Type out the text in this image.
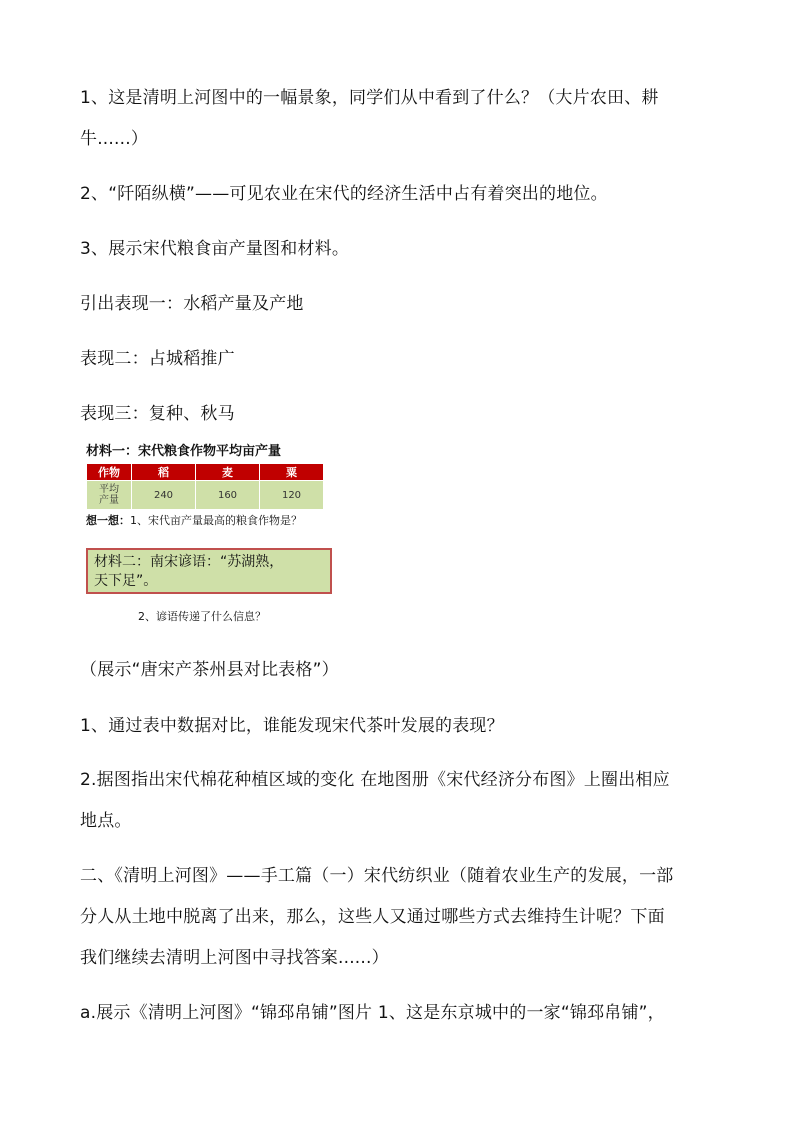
1、这是清明上河图中的一幅景象，同学们从中看到了什么？（大片农田、耕
牛......）
2、“阡陌纵横”——可见农业在宋代的经济生活中占有着突出的地位。
3、展示宋代粮食亩产量图和材料。
引出表现一：水稻产量及产地
表现二：占城稻推广
表现三：复种、秋马
材料一：宋代粮食作物平均亩产量
作物	稻	麦	粟
平均
产量	240	160	120
想一想：1、宋代亩产量最高的粮食作物是？
材料二：南宋谚语：“苏湖熟，
天下足”。
2、谚语传递了什么信息？
（展示“唐宋产茶州县对比表格”）
1、通过表中数据对比，谁能发现宋代茶叶发展的表现？
2.据图指出宋代棉花种植区域的变化 在地图册《宋代经济分布图》上圈出相应
地点。
二、《清明上河图》——手工篇（一）宋代纺织业（随着农业生产的发展，一部
分人从土地中脱离了出来，那么，这些人又通过哪些方式去维持生计呢？下面
我们继续去清明上河图中寻找答案......）
a.展示《清明上河图》“锦邳帛铺”图片 1、这是东京城中的一家“锦邳帛铺”，
